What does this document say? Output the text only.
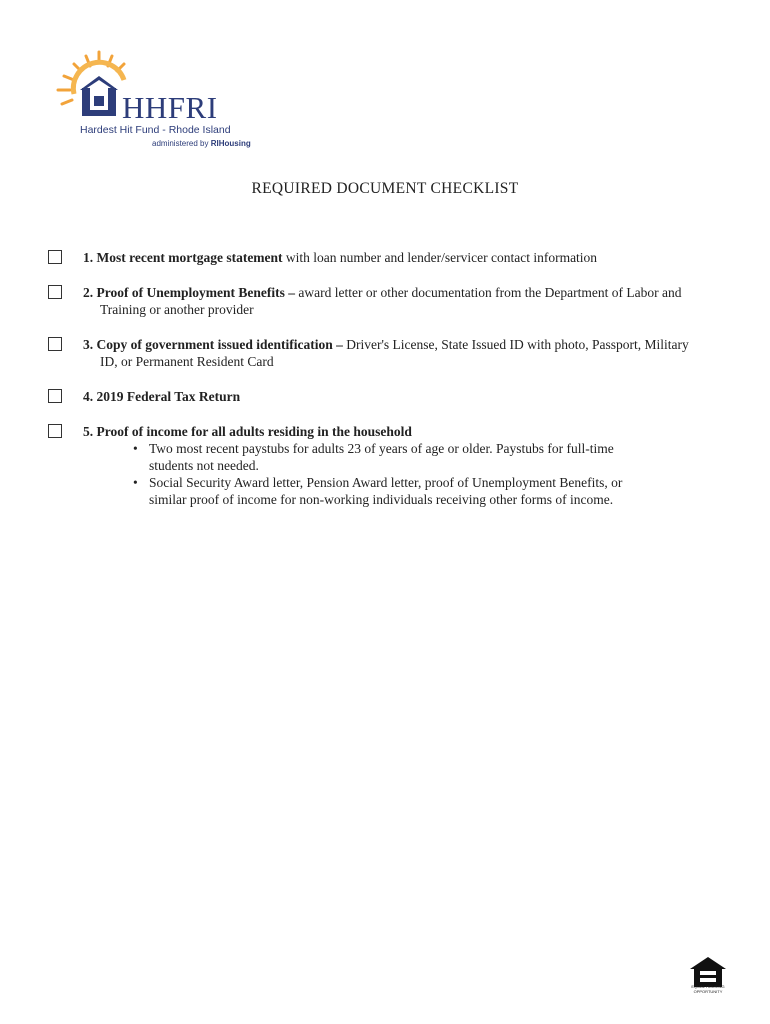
HHFRI
Hardest Hit Fund - Rhode Island
administered by RIHousing
REQUIRED DOCUMENT CHECKLIST
1. Most recent mortgage statement with loan number and lender/servicer contact information
2. Proof of Unemployment Benefits – award letter or other documentation from the Department of Labor and
Training or another provider
3. Copy of government issued identification – Driver's License, State Issued ID with photo, Passport, Military
ID, or Permanent Resident Card
4. 2019 Federal Tax Return
5. Proof of income for all adults residing in the household
• Two most recent paystubs for adults 23 of years of age or older. Paystubs for full-time students not needed.
• Social Security Award letter, Pension Award letter, proof of Unemployment Benefits, or similar proof of income for non-working individuals receiving other forms of income.
EQUAL HOUSING OPPORTUNITY
